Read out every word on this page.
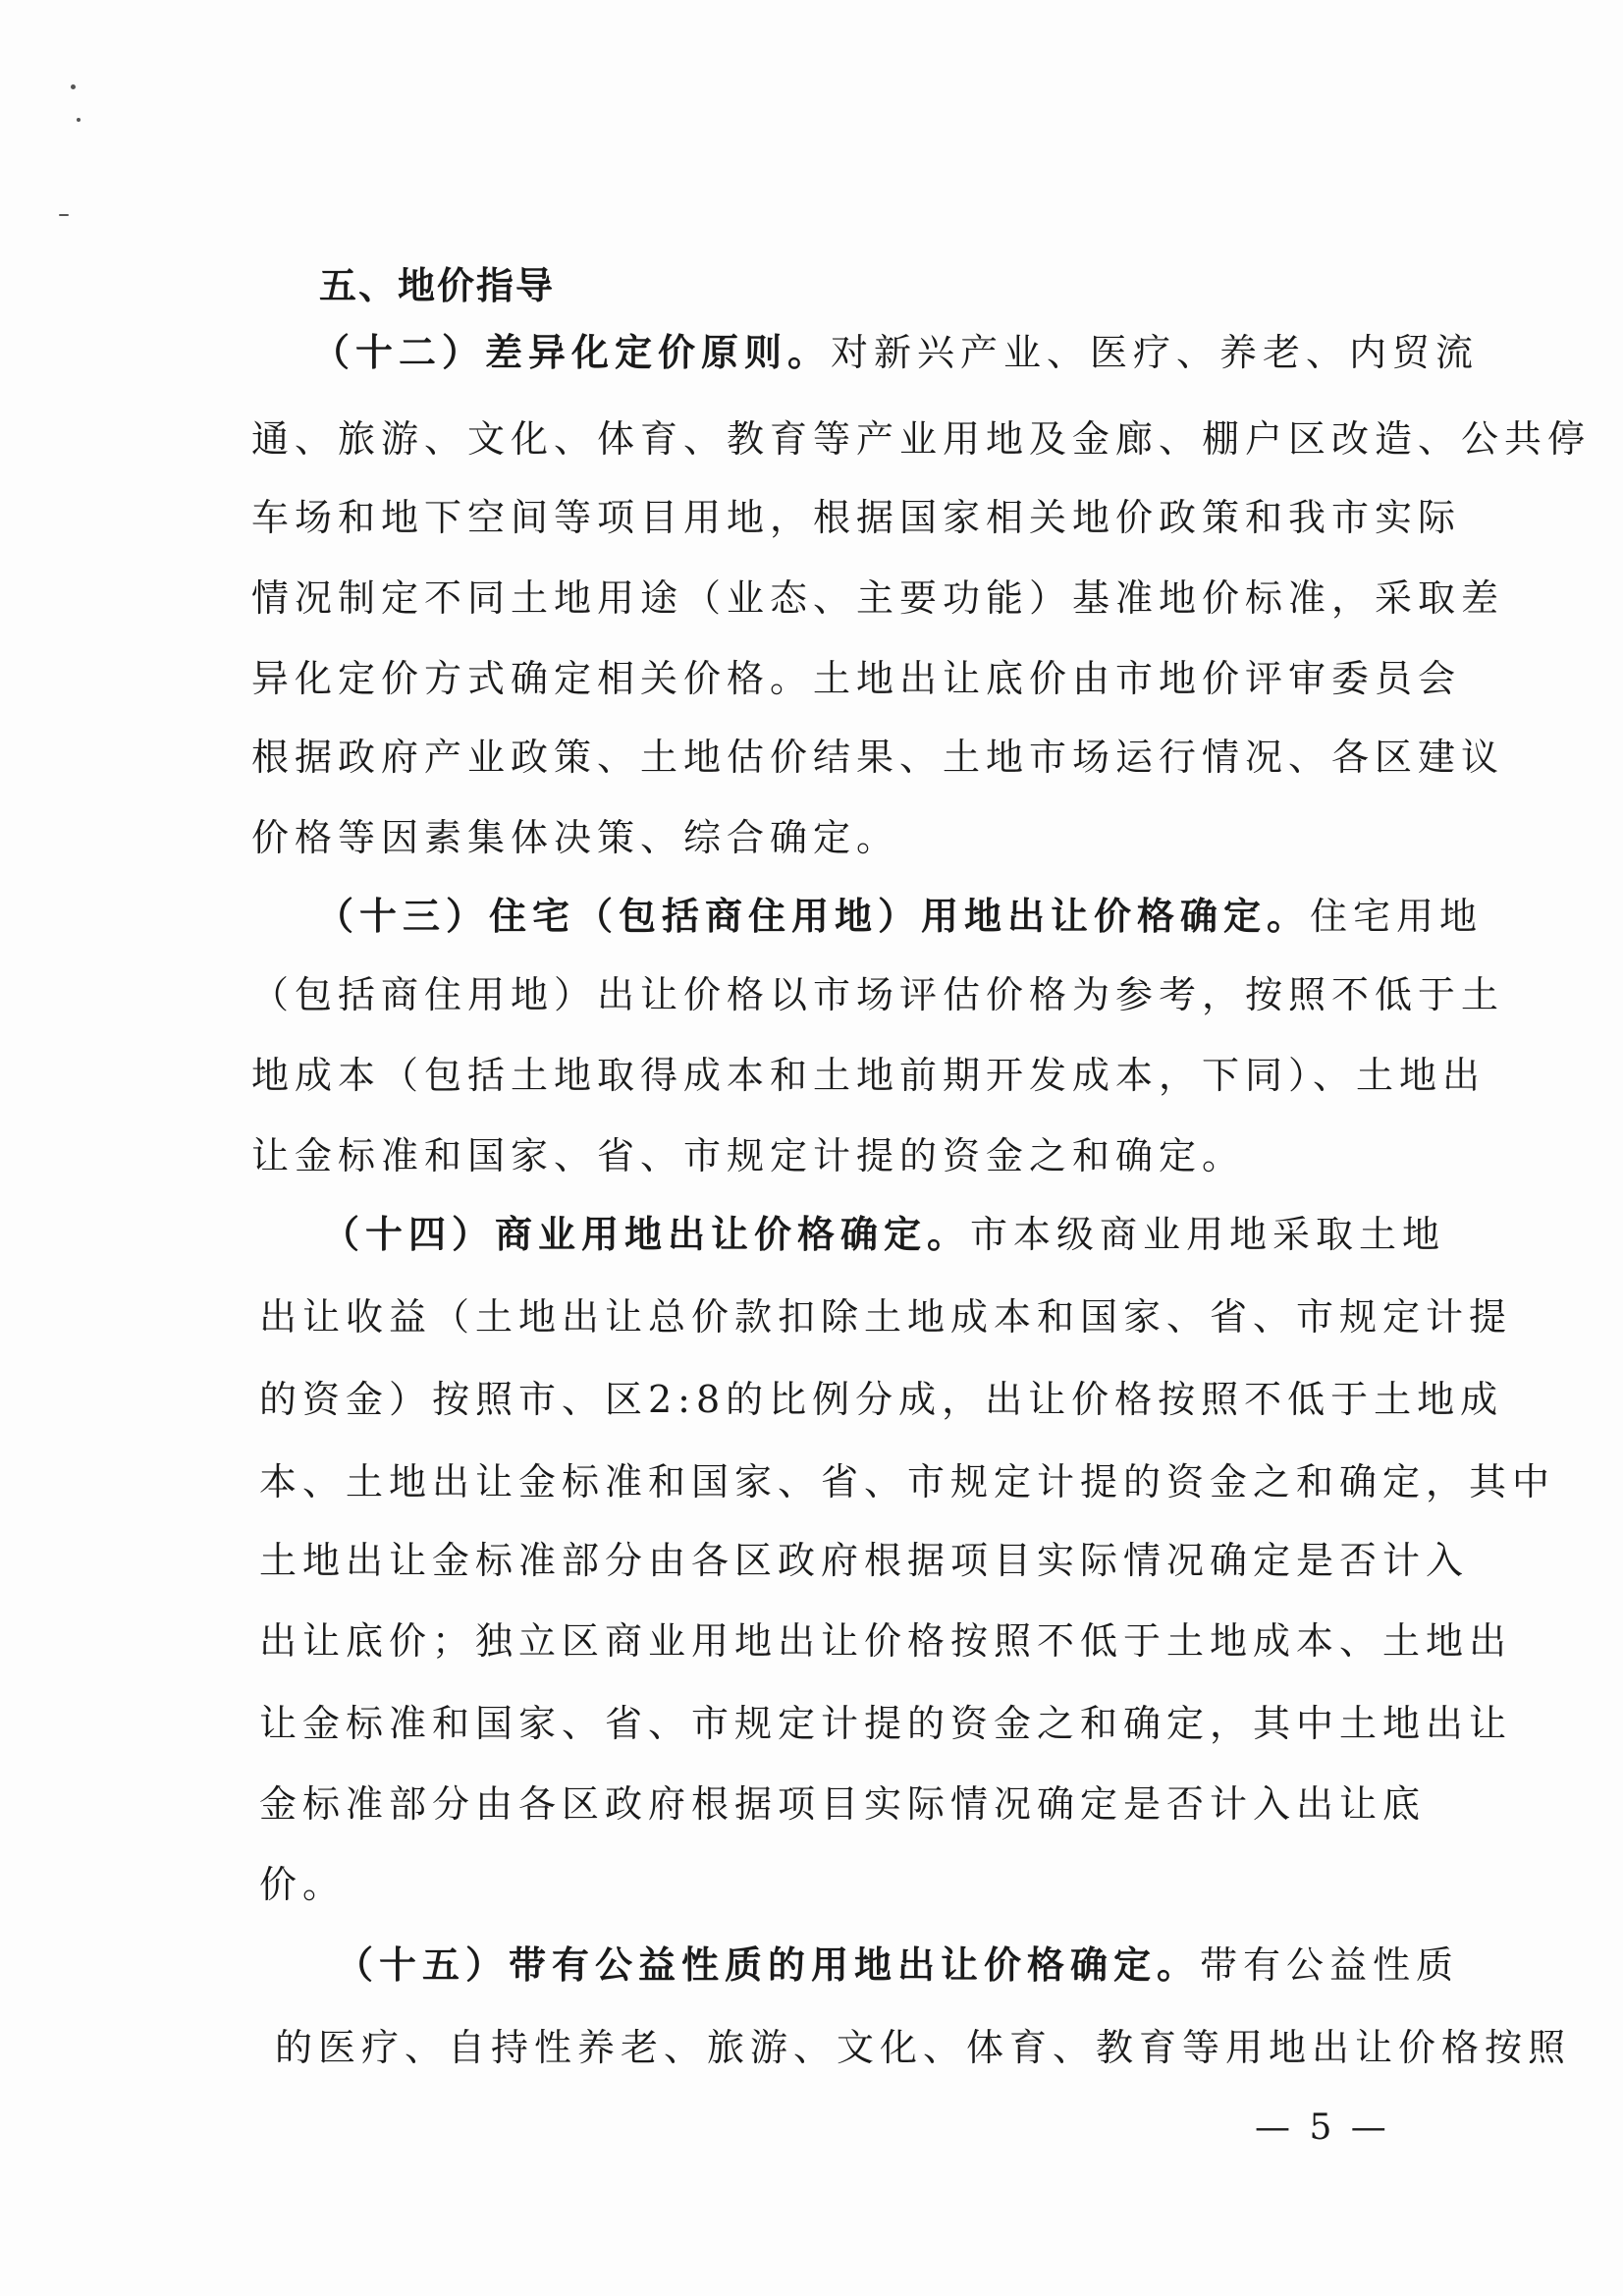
五、地价指导
（十二）差异化定价原则。对新兴产业、医疗、养老、内贸流
通、旅游、文化、体育、教育等产业用地及金廊、棚户区改造、公共停
车场和地下空间等项目用地，根据国家相关地价政策和我市实际
情况制定不同土地用途（业态、主要功能）基准地价标准，采取差
异化定价方式确定相关价格。土地出让底价由市地价评审委员会
根据政府产业政策、土地估价结果、土地市场运行情况、各区建议
价格等因素集体决策、综合确定。
（十三）住宅（包括商住用地）用地出让价格确定。住宅用地
（包括商住用地）出让价格以市场评估价格为参考，按照不低于土
地成本（包括土地取得成本和土地前期开发成本，下同）、土地出
让金标准和国家、省、市规定计提的资金之和确定。
（十四）商业用地出让价格确定。市本级商业用地采取土地
出让收益（土地出让总价款扣除土地成本和国家、省、市规定计提
的资金）按照市、区2:8的比例分成，出让价格按照不低于土地成
本、土地出让金标准和国家、省、市规定计提的资金之和确定，其中
土地出让金标准部分由各区政府根据项目实际情况确定是否计入
出让底价；独立区商业用地出让价格按照不低于土地成本、土地出
让金标准和国家、省、市规定计提的资金之和确定，其中土地出让
金标准部分由各区政府根据项目实际情况确定是否计入出让底
价。
（十五）带有公益性质的用地出让价格确定。带有公益性质
的医疗、自持性养老、旅游、文化、体育、教育等用地出让价格按照
— 5 —
